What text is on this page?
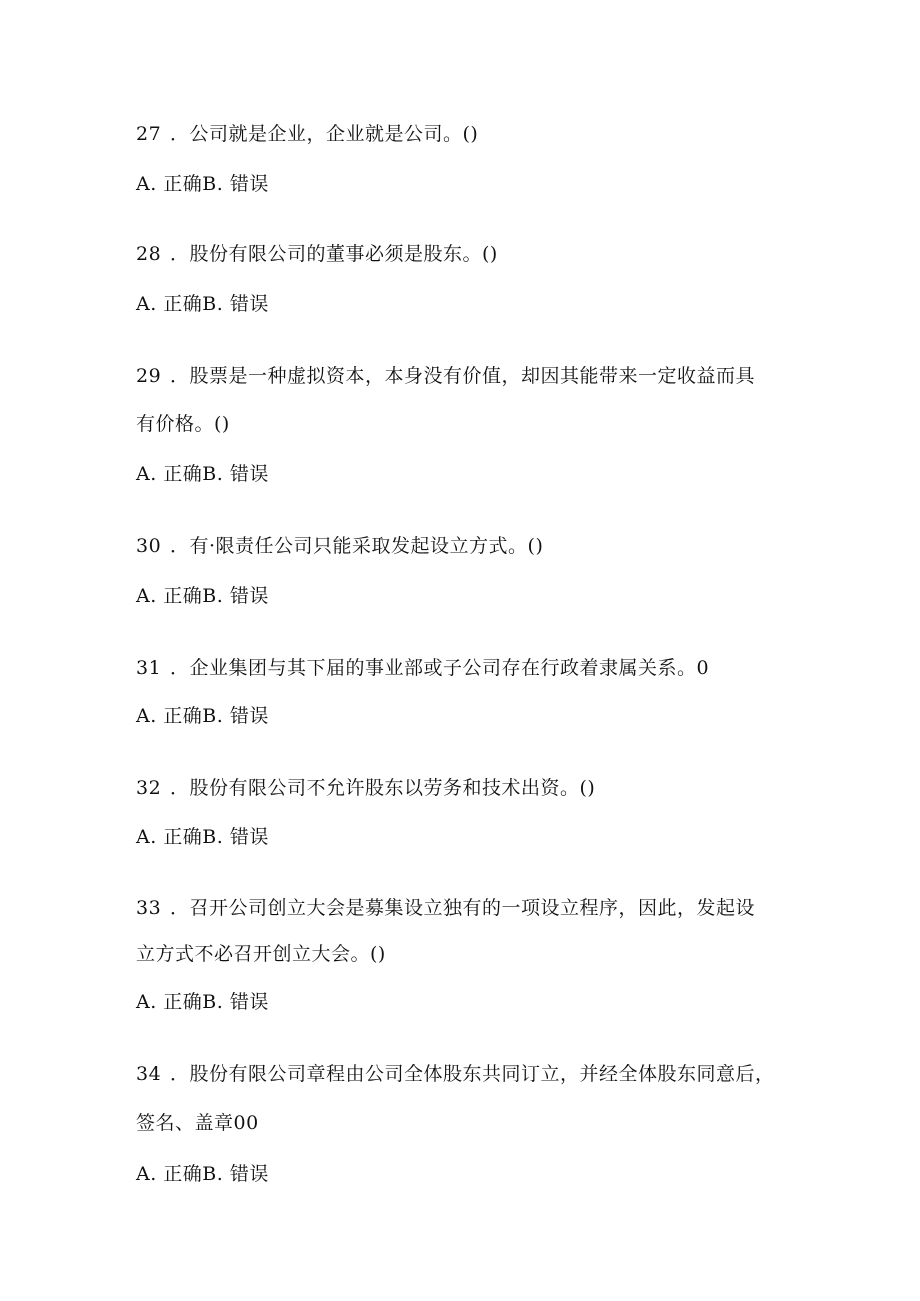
27 ．公司就是企业，企业就是公司。()
A. 正确B. 错误
28 ．股份有限公司的董事必须是股东。()
A. 正确B. 错误
29 ．股票是一种虚拟资本，本身没有价值，却因其能带来一定收益而具
有价格。()
A. 正确B. 错误
30 ．有·限责任公司只能采取发起设立方式。()
A. 正确B. 错误
31 ．企业集团与其下届的事业部或子公司存在行政着隶属关系。0
A. 正确B. 错误
32 ．股份有限公司不允许股东以劳务和技术出资。()
A. 正确B. 错误
33 ．召开公司创立大会是募集设立独有的一项设立程序，因此，发起设
立方式不必召开创立大会。()
A. 正确B. 错误
34 ．股份有限公司章程由公司全体股东共同订立，并经全体股东同意后，
签名、盖章00
A. 正确B. 错误
